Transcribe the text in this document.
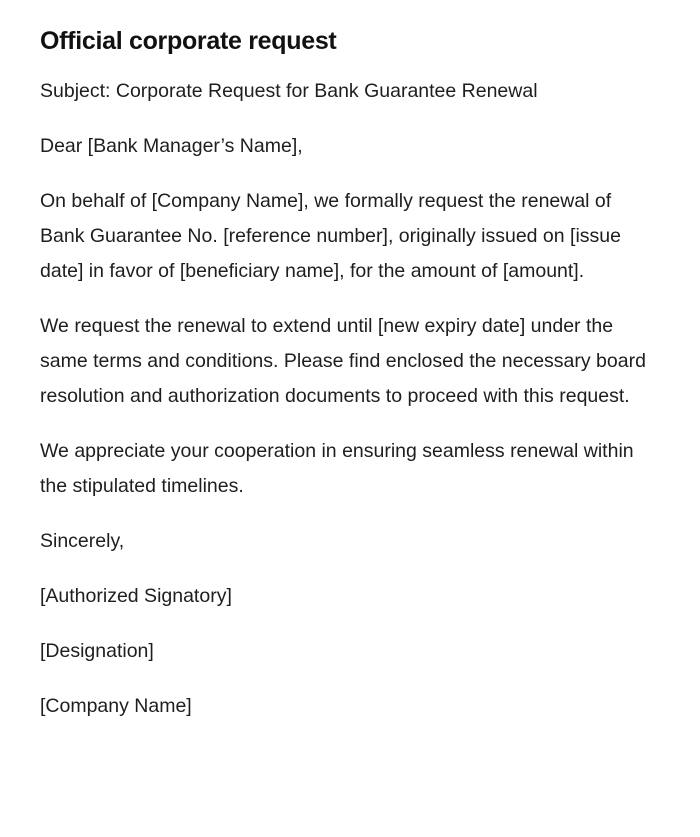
Official corporate request

Subject: Corporate Request for Bank Guarantee Renewal

Dear [Bank Manager’s Name],

On behalf of [Company Name], we formally request the renewal of Bank Guarantee No. [reference number], originally issued on [issue date] in favor of [beneficiary name], for the amount of [amount].

We request the renewal to extend until [new expiry date] under the same terms and conditions. Please find enclosed the necessary board resolution and authorization documents to proceed with this request.

We appreciate your cooperation in ensuring seamless renewal within the stipulated timelines.

Sincerely,

[Authorized Signatory]

[Designation]

[Company Name]
